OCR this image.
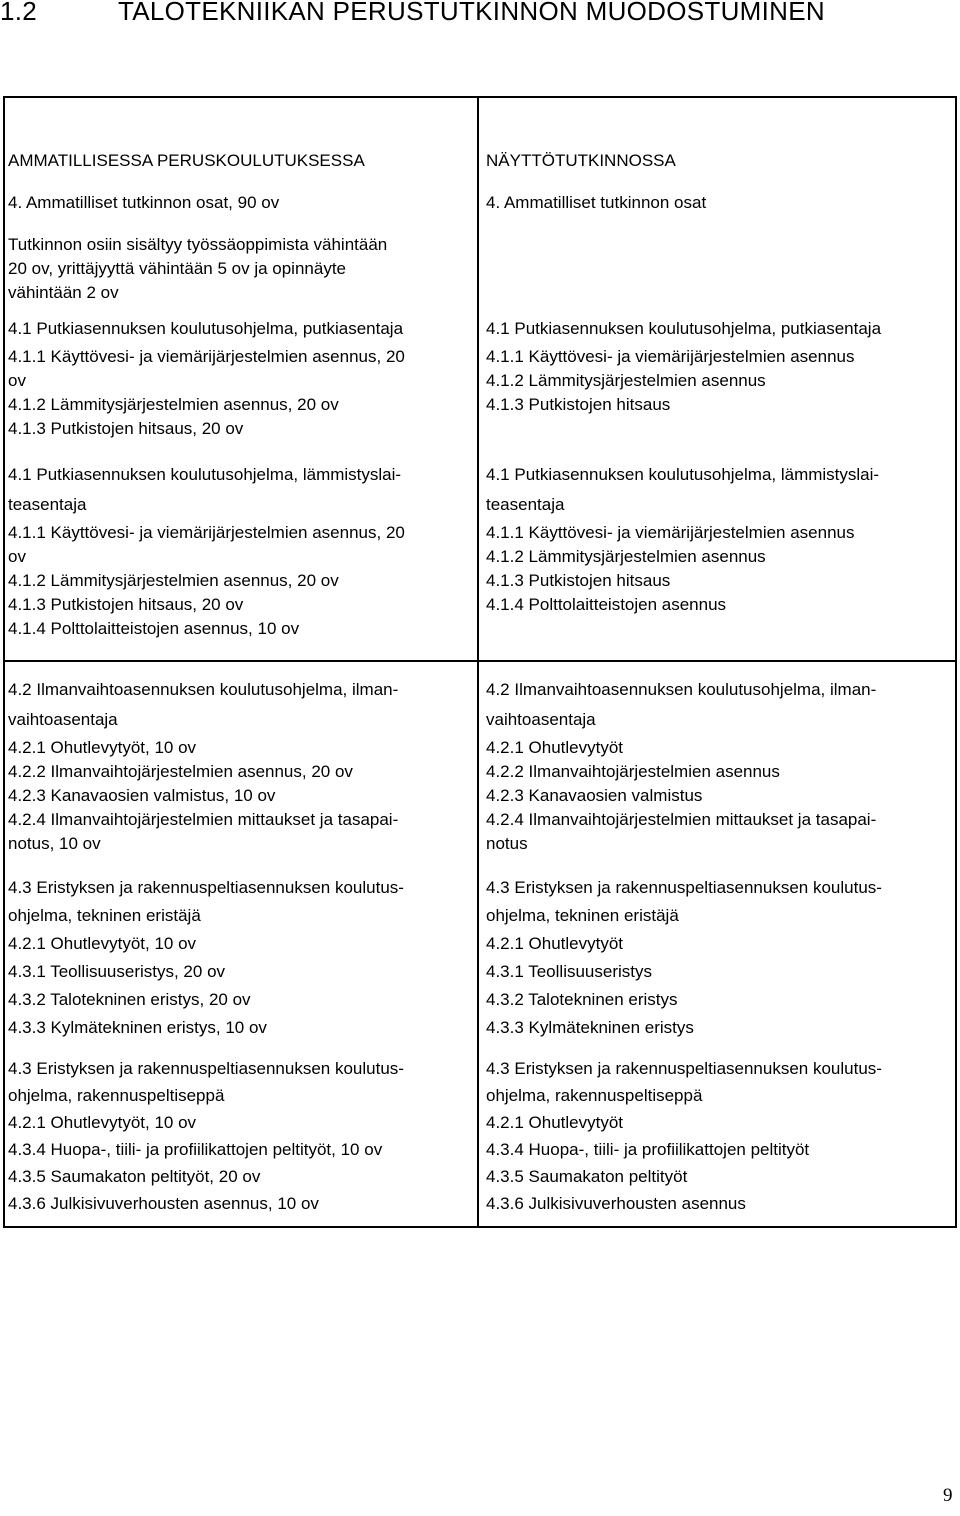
1.2	TALOTEKNIIKAN PERUSTUTKINNON MUODOSTUMINEN

AMMATILLISESSA PERUSKOULUTUKSESSA

4. Ammatilliset tutkinnon osat, 90 ov

Tutkinnon osiin sisältyy työssäoppimista vähintään
20 ov, yrittäjyyttä vähintään 5 ov ja opinnäyte
vähintään 2 ov

NÄYTTÖTUTKINNOSSA

4. Ammatilliset tutkinnon osat

4.1 Putkiasennuksen koulutusohjelma, putkiasentaja
4.1.1 Käyttövesi- ja viemärijärjestelmien asennus, 20
ov
4.1.2 Lämmitysjärjestelmien asennus, 20 ov
4.1.3 Putkistojen hitsaus, 20 ov

4.1 Putkiasennuksen koulutusohjelma, putkiasentaja
4.1.1 Käyttövesi- ja viemärijärjestelmien asennus
4.1.2 Lämmitysjärjestelmien asennus
4.1.3 Putkistojen hitsaus

4.1 Putkiasennuksen koulutusohjelma, lämmistyslai-
teasentaja
4.1.1 Käyttövesi- ja viemärijärjestelmien asennus, 20
ov
4.1.2 Lämmitysjärjestelmien asennus, 20 ov
4.1.3 Putkistojen hitsaus, 20 ov
4.1.4 Polttolaitteistojen asennus, 10 ov

4.1 Putkiasennuksen koulutusohjelma, lämmistyslai-
teasentaja
4.1.1 Käyttövesi- ja viemärijärjestelmien asennus
4.1.2 Lämmitysjärjestelmien asennus
4.1.3 Putkistojen hitsaus
4.1.4 Polttolaitteistojen asennus

4.2 Ilmanvaihtoasennuksen koulutusohjelma, ilman-
vaihtoasentaja
4.2.1 Ohutlevytyöt, 10 ov
4.2.2 Ilmanvaihtojärjestelmien asennus, 20 ov
4.2.3 Kanavaosien valmistus, 10 ov
4.2.4 Ilmanvaihtojärjestelmien mittaukset ja tasapai-
notus, 10 ov

4.2 Ilmanvaihtoasennuksen koulutusohjelma, ilman-
vaihtoasentaja
4.2.1 Ohutlevytyöt
4.2.2 Ilmanvaihtojärjestelmien asennus
4.2.3 Kanavaosien valmistus
4.2.4 Ilmanvaihtojärjestelmien mittaukset ja tasapai-
notus

4.3 Eristyksen ja rakennuspeltiasennuksen koulutus-
ohjelma, tekninen eristäjä
4.2.1 Ohutlevytyöt, 10 ov
4.3.1 Teollisuuseristys, 20 ov
4.3.2 Talotekninen eristys, 20 ov
4.3.3 Kylmätekninen eristys, 10 ov

4.3 Eristyksen ja rakennuspeltiasennuksen koulutus-
ohjelma, tekninen eristäjä
4.2.1 Ohutlevytyöt
4.3.1 Teollisuuseristys
4.3.2 Talotekninen eristys
4.3.3 Kylmätekninen eristys

4.3 Eristyksen ja rakennuspeltiasennuksen koulutus-
ohjelma, rakennuspeltiseppä
4.2.1 Ohutlevytyöt, 10 ov
4.3.4 Huopa-, tiili- ja profiilikattojen peltityöt, 10 ov
4.3.5 Saumakaton peltityöt, 20 ov
4.3.6 Julkisivuverhousten asennus, 10 ov

4.3 Eristyksen ja rakennuspeltiasennuksen koulutus-
ohjelma, rakennuspeltiseppä
4.2.1 Ohutlevytyöt
4.3.4 Huopa-, tiili- ja profiilikattojen peltityöt
4.3.5 Saumakaton peltityöt
4.3.6 Julkisivuverhousten asennus

9
